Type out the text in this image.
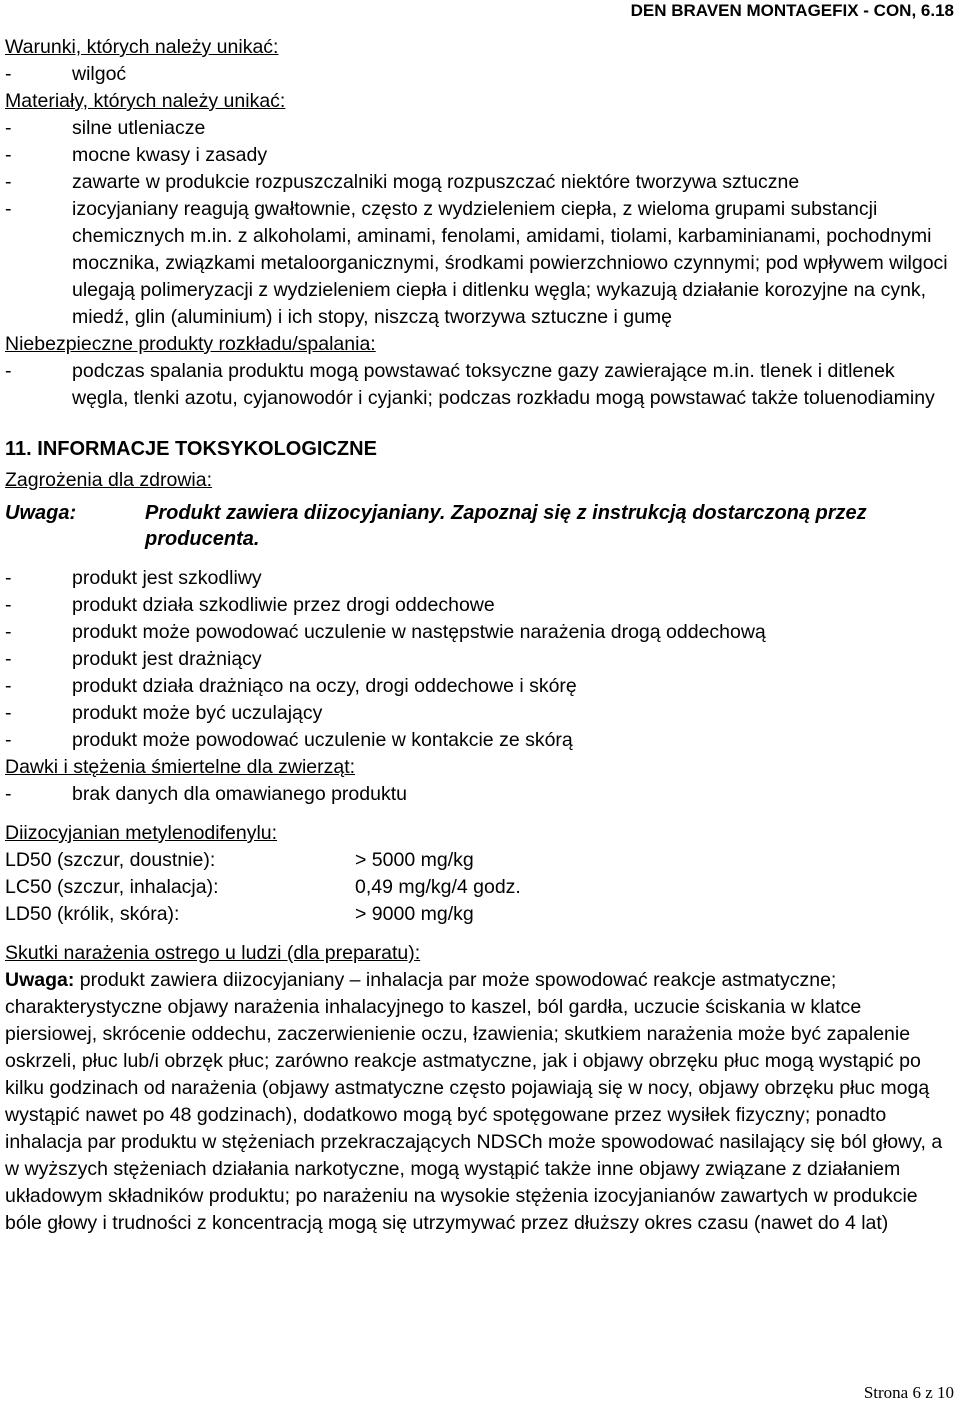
DEN BRAVEN MONTAGEFIX - CON, 6.18
Warunki, których należy unikać:
-	wilgoć
Materiały, których należy unikać:
-	silne utleniacze
-	mocne kwasy i zasady
-	zawarte w produkcie rozpuszczalniki mogą rozpuszczać niektóre tworzywa sztuczne
-	izocyjaniany reagują gwałtownie, często z wydzieleniem ciepła, z wieloma grupami substancji chemicznych m.in. z alkoholami, aminami, fenolami, amidami, tiolami, karbaminianami, pochodnymi mocznika, związkami metaloorganicznymi, środkami powierzchniowo czynnymi; pod wpływem wilgoci ulegają polimeryzacji z wydzieleniem ciepła i ditlenku węgla; wykazują działanie korozyjne na cynk, miedź, glin (aluminium) i ich stopy, niszczą tworzywa sztuczne i gumę
Niebezpieczne produkty rozkładu/spalania:
-	podczas spalania produktu mogą powstawać toksyczne gazy zawierające m.in. tlenek i ditlenek węgla, tlenki azotu, cyjanowodór i cyjanki; podczas rozkładu mogą powstawać także toluenodiaminy
11. INFORMACJE TOKSYKOLOGICZNE
Zagrożenia dla zdrowia:
Uwaga:	Produkt zawiera diizocyjaniany. Zapoznaj się z instrukcją dostarczoną przez producenta.
-	produkt jest szkodliwy
-	produkt działa szkodliwie przez drogi oddechowe
-	produkt może powodować uczulenie w następstwie narażenia drogą oddechową
-	produkt jest drażniący
-	produkt działa drażniąco na oczy, drogi oddechowe i skórę
-	produkt może być uczulający
-	produkt może powodować uczulenie w kontakcie ze skórą
Dawki i stężenia śmiertelne dla zwierząt:
-	brak danych dla omawianego produktu
Diizocyjanian metylenodifenylu:
LD50 (szczur, doustnie):	> 5000 mg/kg
LC50 (szczur, inhalacja):	0,49 mg/kg/4 godz.
LD50 (królik, skóra):	> 9000 mg/kg
Skutki narażenia ostrego u ludzi (dla preparatu):
Uwaga: produkt zawiera diizocyjaniany – inhalacja par może spowodować reakcje astmatyczne; charakterystyczne objawy narażenia inhalacyjnego to kaszel, ból gardła, uczucie ściskania w klatce piersiowej, skrócenie oddechu, zaczerwienienie oczu, łzawienia; skutkiem narażenia może być zapalenie oskrzeli, płuc lub/i obrzęk płuc; zarówno reakcje astmatyczne, jak i objawy obrzęku płuc mogą wystąpić po kilku godzinach od narażenia (objawy astmatyczne często pojawiają się w nocy, objawy obrzęku płuc mogą wystąpić nawet po 48 godzinach), dodatkowo mogą być spotęgowane przez wysiłek fizyczny; ponadto inhalacja par produktu w stężeniach przekraczających NDSCh może spowodować nasilający się ból głowy, a w wyższych stężeniach działania narkotyczne, mogą wystąpić także inne objawy związane z działaniem układowym składników produktu; po narażeniu na wysokie stężenia izocyjanianów zawartych w produkcie bóle głowy i trudności z koncentracją mogą się utrzymywać przez dłuższy okres czasu (nawet do 4 lat)
Strona 6 z 10
